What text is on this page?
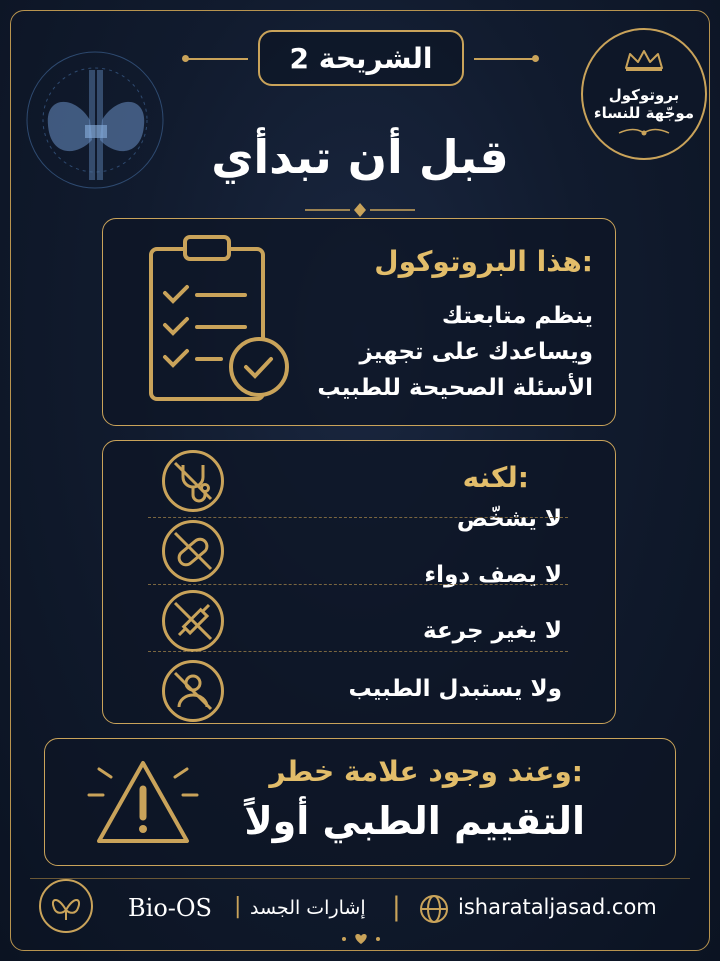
الشريحة 2
قبل أن تبدأي
بروتوكول
موجّهة للنساء
هذا البروتوكول:
ينظم متابعتك
ويساعدك على تجهيز
الأسئلة الصحيحة للطبيب
لكنه:
لا يشخّص
لا يصف دواء
لا يغير جرعة
ولا يستبدل الطبيب
وعند وجود علامة خطر:
التقييم الطبي أولاً
Bio-OS | إشارات الجسد |	isharataljasad.com
